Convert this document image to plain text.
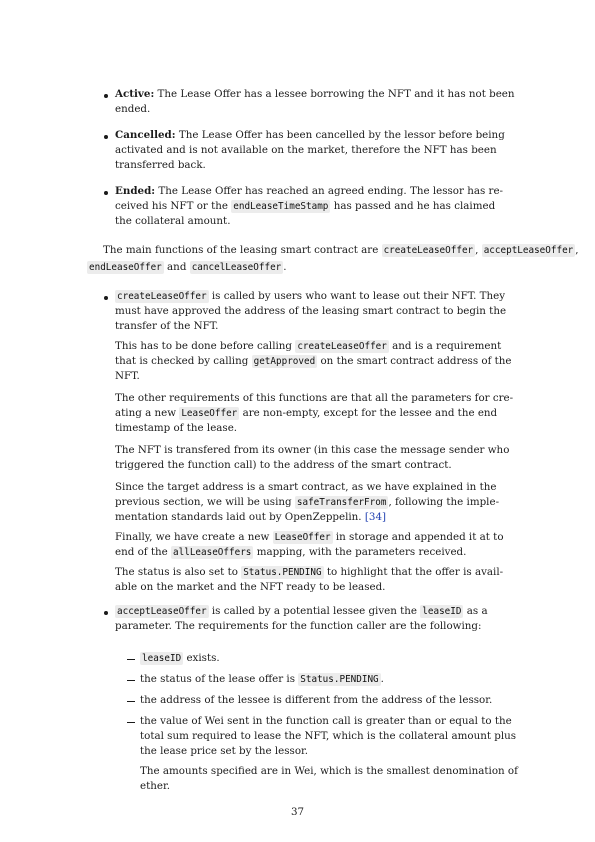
Active: The Lease Offer has a lessee borrowing the NFT and it has not been
ended.
Cancelled: The Lease Offer has been cancelled by the lessor before being
activated and is not available on the market, therefore the NFT has been
transferred back.
Ended: The Lease Offer has reached an agreed ending. The lessor has re-
ceived his NFT or the endLeaseTimeStamp has passed and he has claimed
the collateral amount.
The main functions of the leasing smart contract are createLeaseOffer , acceptLeaseOffer ,
endLeaseOffer and cancelLeaseOffer .
createLeaseOffer is called by users who want to lease out their NFT. They
must have approved the address of the leasing smart contract to begin the
transfer of the NFT.
This has to be done before calling createLeaseOffer and is a requirement
that is checked by calling getApproved on the smart contract address of the
NFT.
The other requirements of this functions are that all the parameters for cre-
ating a new LeaseOffer are non-empty, except for the lessee and the end
timestamp of the lease.
The NFT is transfered from its owner (in this case the message sender who
triggered the function call) to the address of the smart contract.
Since the target address is a smart contract, as we have explained in the
previous section, we will be using safeTransferFrom , following the imple-
mentation standards laid out by OpenZeppelin. [34]
Finally, we have create a new LeaseOffer in storage and appended it at to
end of the allLeaseOffers mapping, with the parameters received.
The status is also set to Status.PENDING to highlight that the offer is avail-
able on the market and the NFT ready to be leased.
acceptLeaseOffer is called by a potential lessee given the leaseID as a
parameter. The requirements for the function caller are the following:
leaseID exists.
the status of the lease offer is Status.PENDING .
the address of the lessee is different from the address of the lessor.
the value of Wei sent in the function call is greater than or equal to the
total sum required to lease the NFT, which is the collateral amount plus
the lease price set by the lessor.
The amounts specified are in Wei, which is the smallest denomination of
ether.
37
